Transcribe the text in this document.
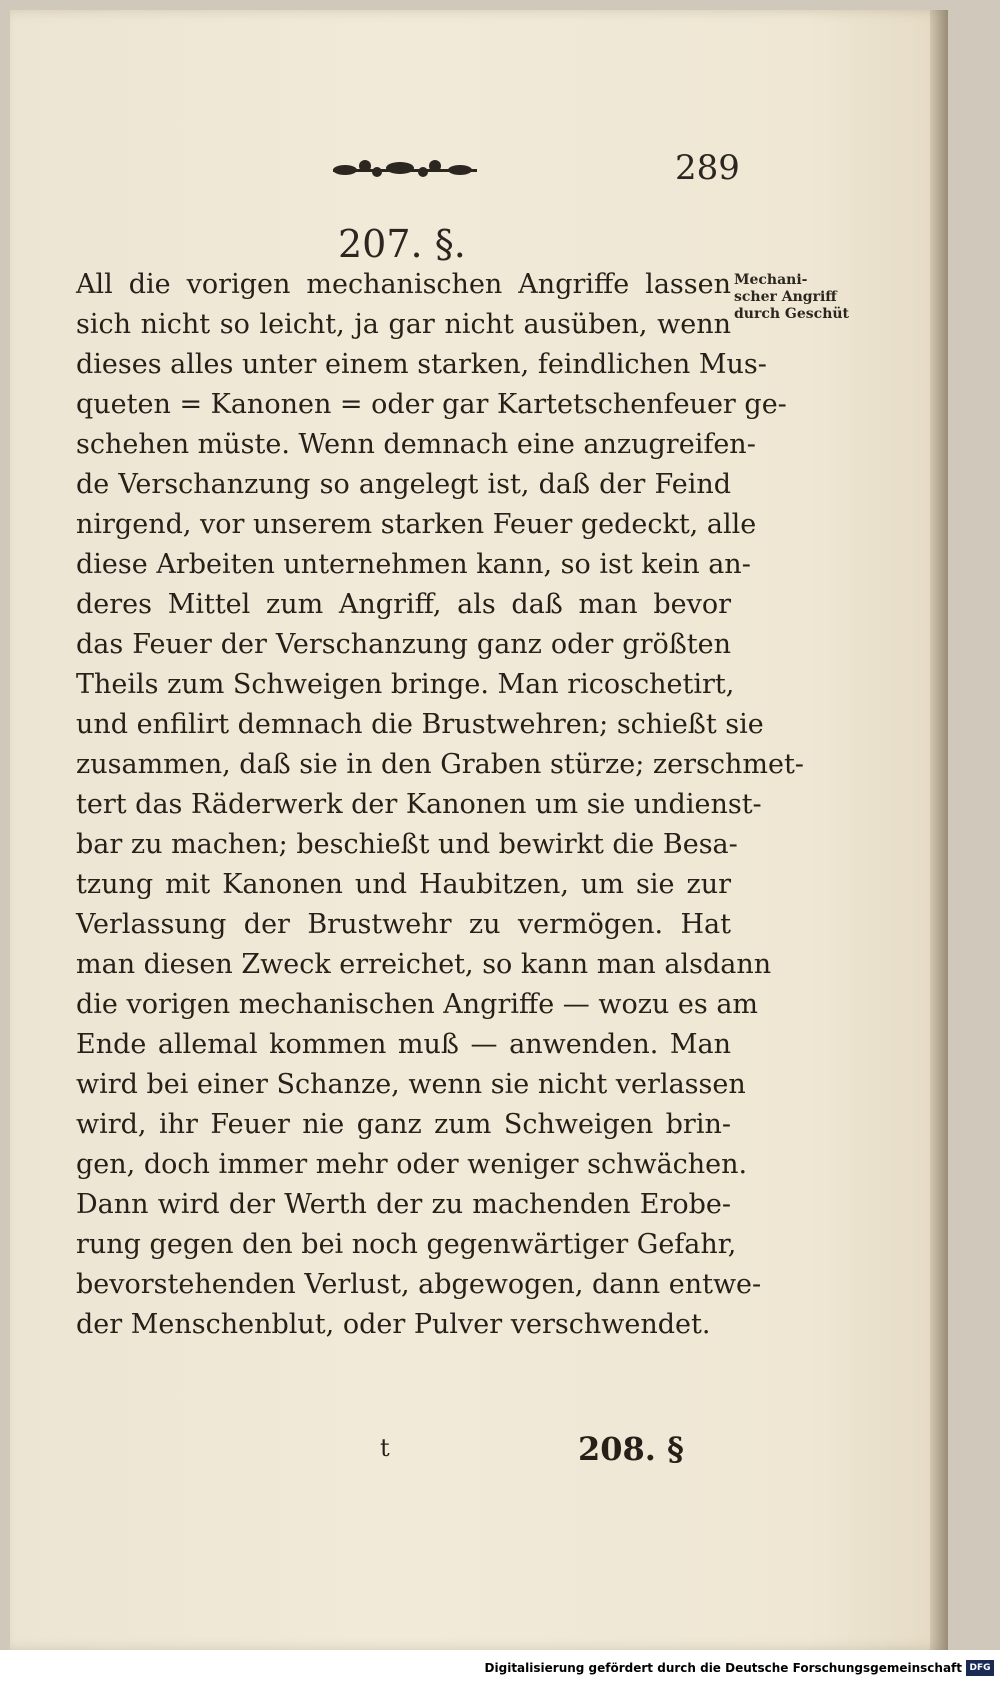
289
207. §.
Mechani-
scher Angriff
durch Geschüt
All die vorigen mechanischen Angriffe lassen
sich nicht so leicht, ja gar nicht ausüben, wenn
dieses alles unter einem starken, feindlichen Mus-
queten = Kanonen = oder gar Kartetschenfeuer ge-
schehen müste. Wenn demnach eine anzugreifen-
de Verschanzung so angelegt ist, daß der Feind
nirgend, vor unserem starken Feuer gedeckt, alle
diese Arbeiten unternehmen kann, so ist kein an-
deres Mittel zum Angriff, als daß man bevor
das Feuer der Verschanzung ganz oder größten
Theils zum Schweigen bringe. Man ricoschetirt,
und enfilirt demnach die Brustwehren; schießt sie
zusammen, daß sie in den Graben stürze; zerschmet-
tert das Räderwerk der Kanonen um sie undienst-
bar zu machen; beschießt und bewirkt die Besa-
tzung mit Kanonen und Haubitzen, um sie zur
Verlassung der Brustwehr zu vermögen. Hat
man diesen Zweck erreichet, so kann man alsdann
die vorigen mechanischen Angriffe — wozu es am
Ende allemal kommen muß — anwenden. Man
wird bei einer Schanze, wenn sie nicht verlassen
wird, ihr Feuer nie ganz zum Schweigen brin-
gen, doch immer mehr oder weniger schwächen.
Dann wird der Werth der zu machenden Erobe-
rung gegen den bei noch gegenwärtiger Gefahr,
bevorstehenden Verlust, abgewogen, dann entwe-
der Menschenblut, oder Pulver verschwendet.
t	208. §
Digitalisierung gefördert durch die Deutsche Forschungsgemeinschaft DFG
